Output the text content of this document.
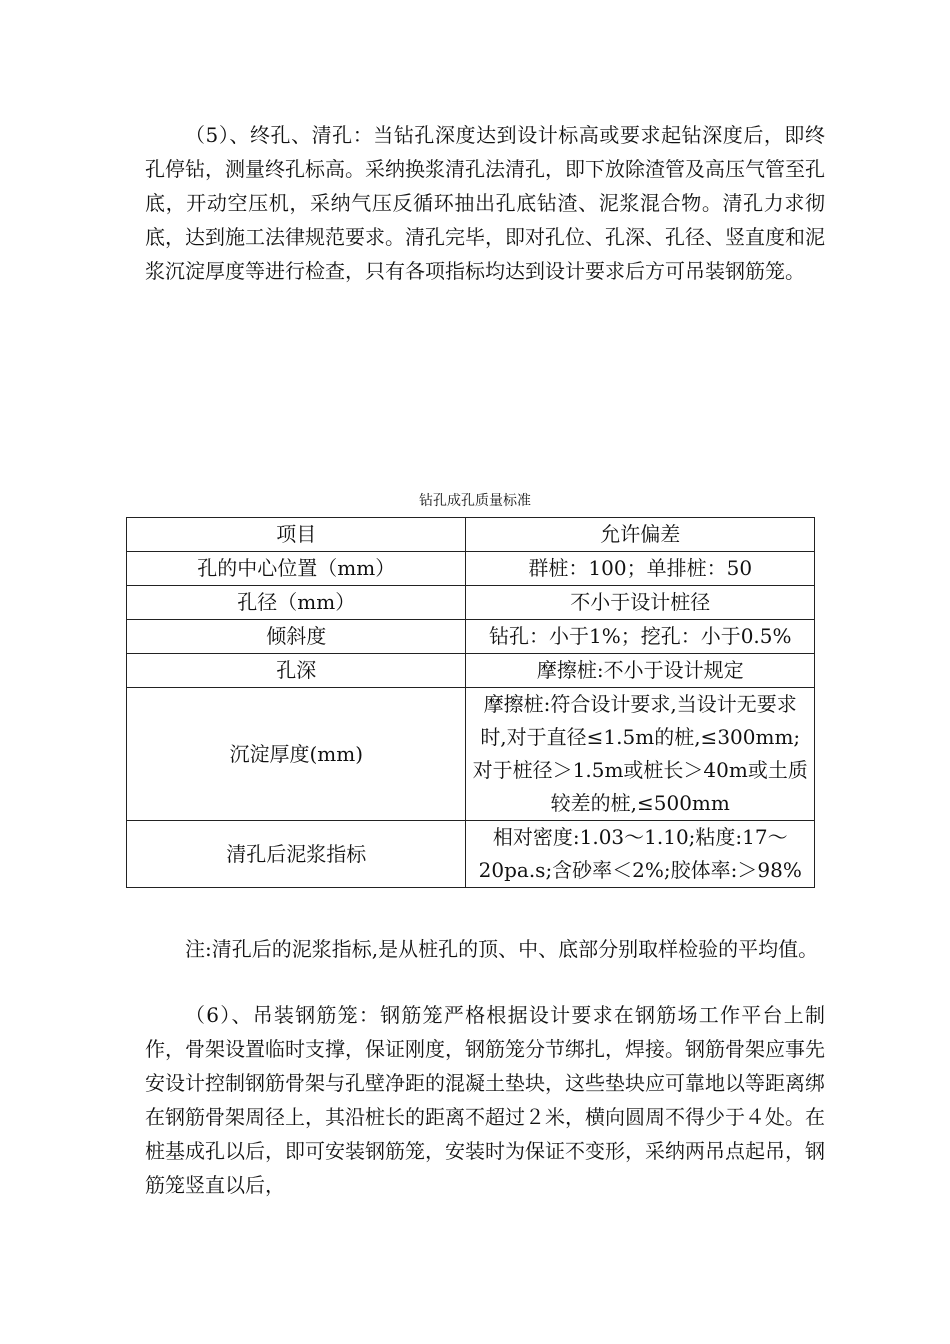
（5）、终孔、清孔：当钻孔深度达到设计标高或要求起钻深度后，即终孔停钻，测量终孔标高。采纳换浆清孔法清孔，即下放除渣管及高压气管至孔底，开动空压机，采纳气压反循环抽出孔底钻渣、泥浆混合物。清孔力求彻底，达到施工法律规范要求。清孔完毕，即对孔位、孔深、孔径、竖直度和泥浆沉淀厚度等进行检查，只有各项指标均达到设计要求后方可吊装钢筋笼。

钻孔成孔质量标准
项目	允许偏差
孔的中心位置（mm）	群桩：100；单排桩：50
孔径（mm）	不小于设计桩径
倾斜度	钻孔：小于1%；挖孔：小于0.5%
孔深	摩擦桩:不小于设计规定
沉淀厚度(mm)	摩擦桩:符合设计要求,当设计无要求时,对于直径≤1.5m的桩,≤300mm;对于桩径＞1.5m或桩长＞40m或土质较差的桩,≤500mm
清孔后泥浆指标	相对密度:1.03～1.10;粘度:17～20pa.s;含砂率＜2%;胶体率:＞98%

注:清孔后的泥浆指标,是从桩孔的顶、中、底部分别取样检验的平均值。

（6）、吊装钢筋笼：钢筋笼严格根据设计要求在钢筋场工作平台上制作，骨架设置临时支撑，保证刚度，钢筋笼分节绑扎，焊接。钢筋骨架应事先安设计控制钢筋骨架与孔壁净距的混凝土垫块，这些垫块应可靠地以等距离绑在钢筋骨架周径上，其沿桩长的距离不超过２米，横向圆周不得少于４处。在桩基成孔以后，即可安装钢筋笼，安装时为保证不变形，采纳两吊点起吊，钢筋笼竖直以后，
